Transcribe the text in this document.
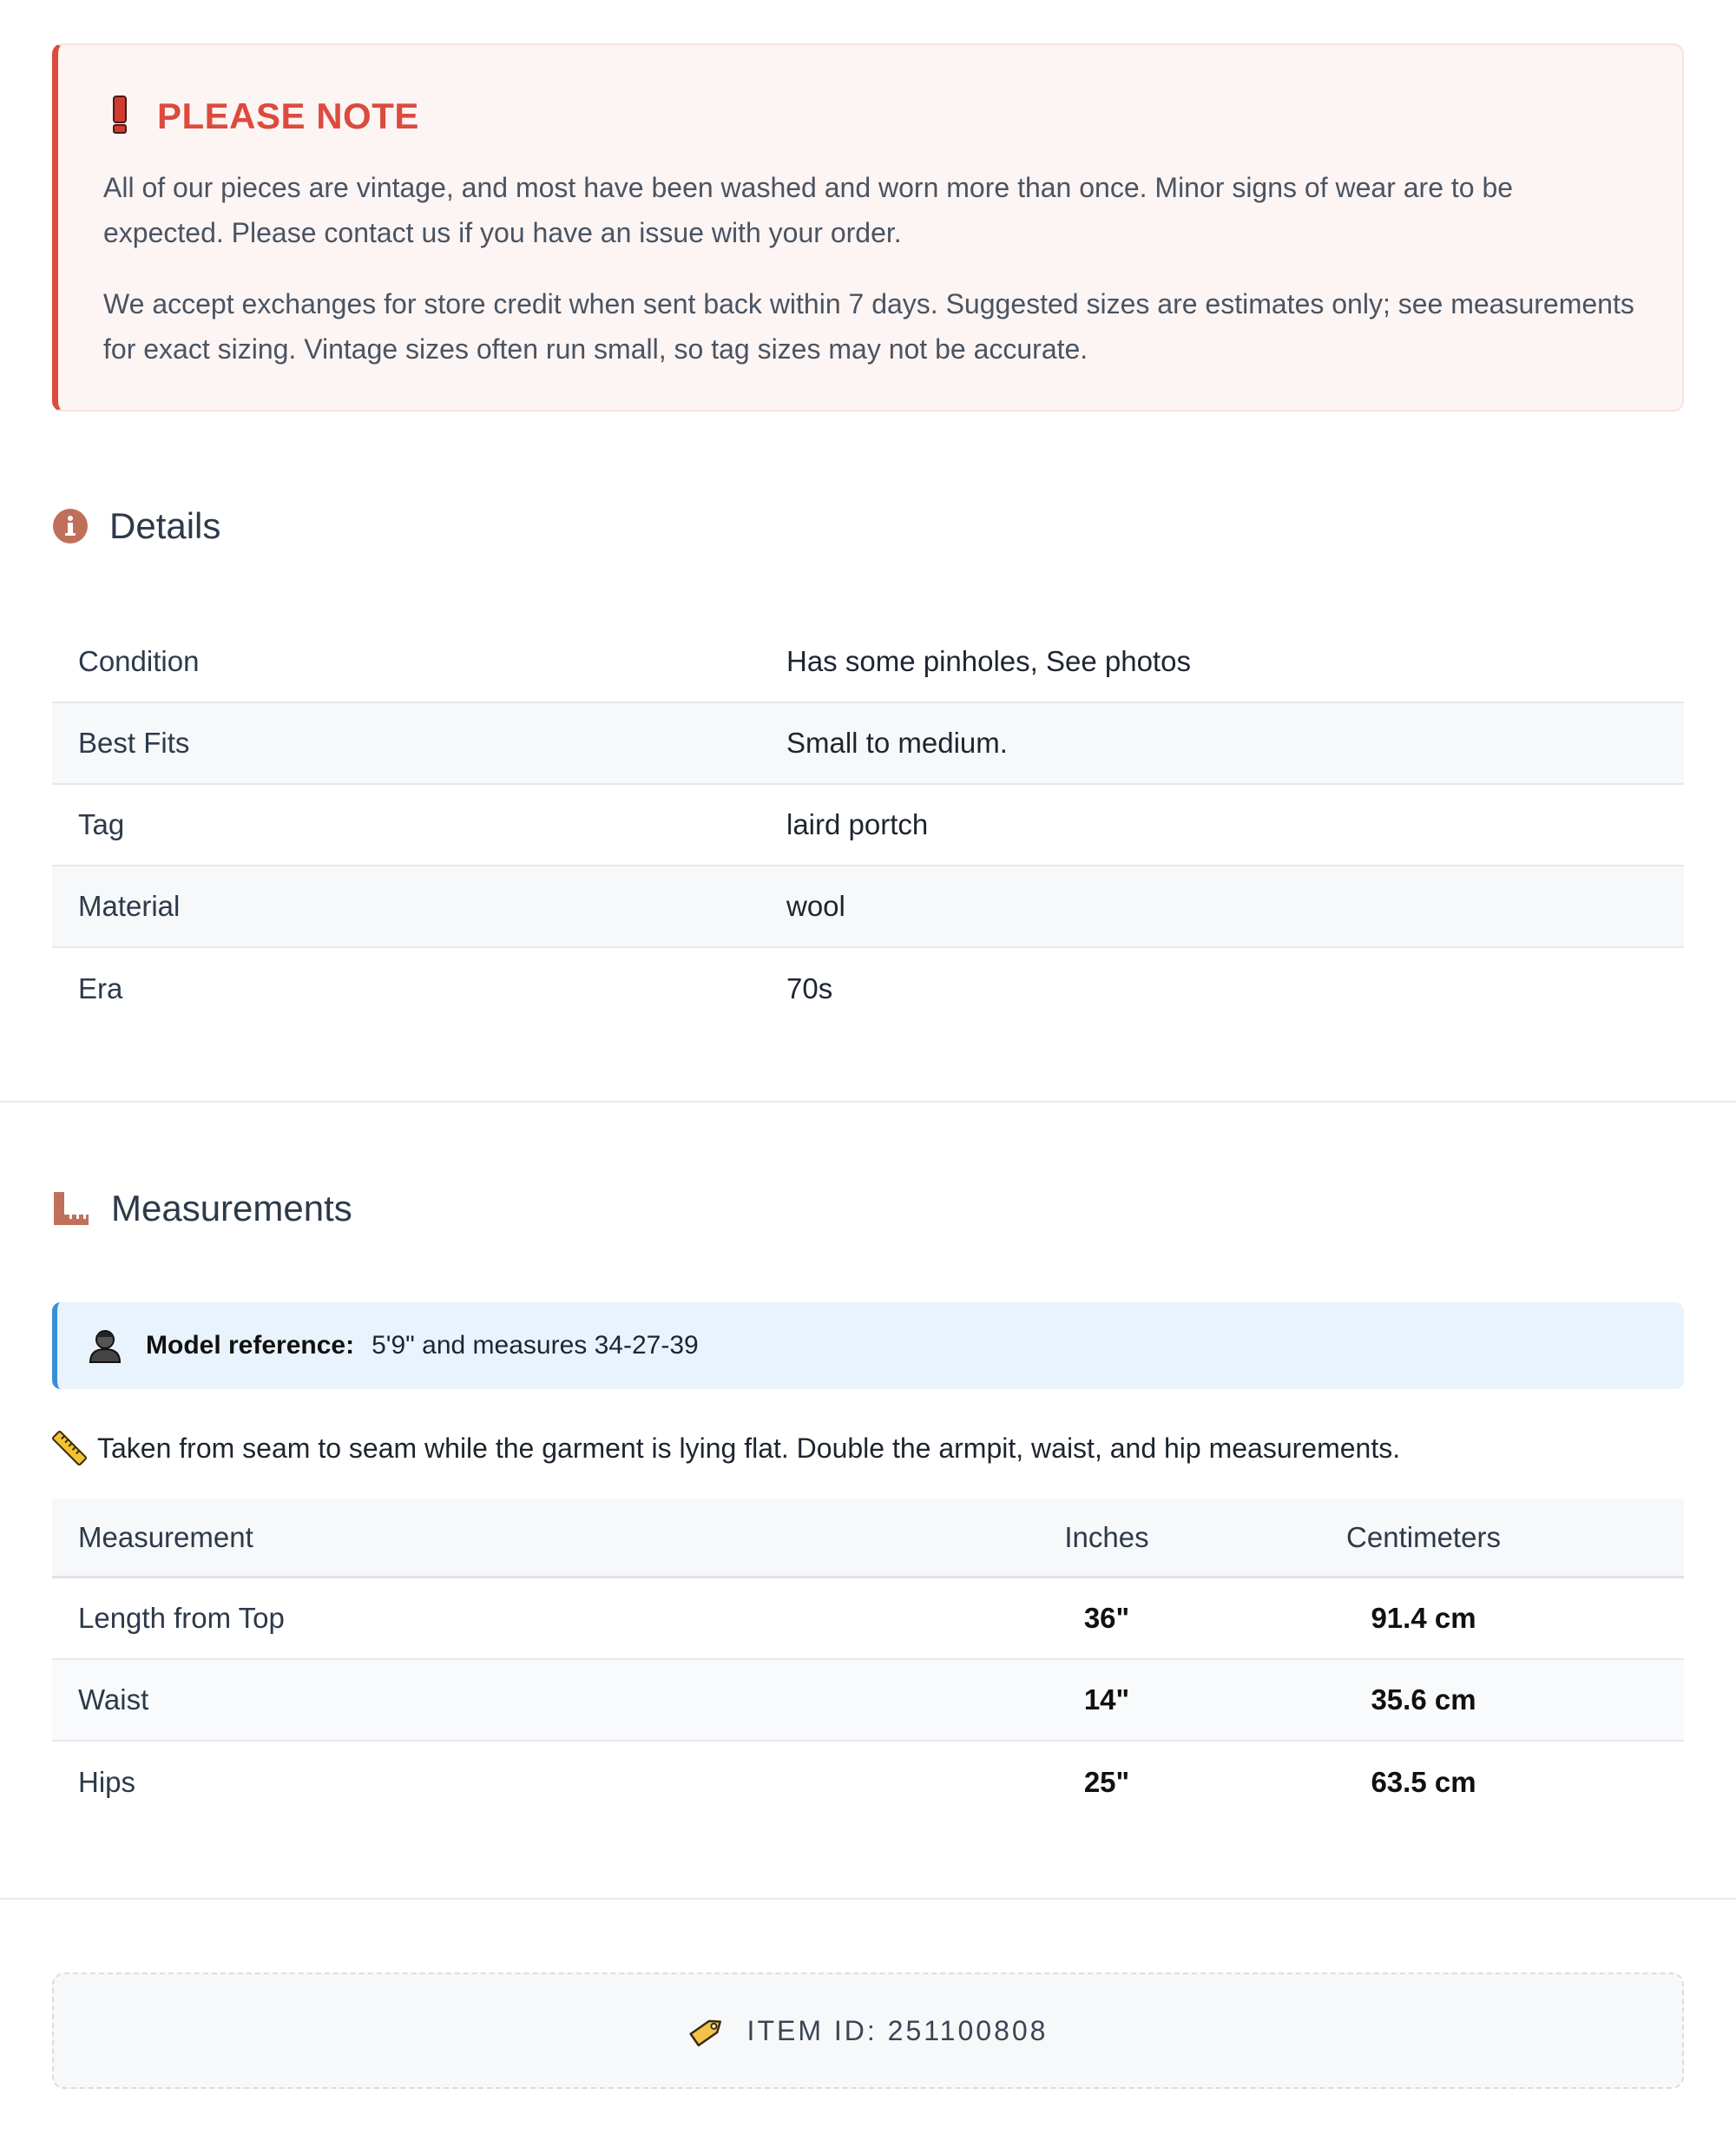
PLEASE NOTE

All of our pieces are vintage, and most have been washed and worn more than once. Minor signs of wear are to be expected. Please contact us if you have an issue with your order.

We accept exchanges for store credit when sent back within 7 days. Suggested sizes are estimates only; see measurements for exact sizing. Vintage sizes often run small, so tag sizes may not be accurate.

Details
Condition	Has some pinholes, See photos
Best Fits	Small to medium.
Tag	laird portch
Material	wool
Era	70s
Measurements
Model reference: 5'9" and measures 34-27-39
Taken from seam to seam while the garment is lying flat. Double the armpit, waist, and hip measurements.
Measurement	Inches	Centimeters
Length from Top	36"	91.4 cm
Waist	14"	35.6 cm
Hips	25"	63.5 cm
ITEM ID: 251100808
